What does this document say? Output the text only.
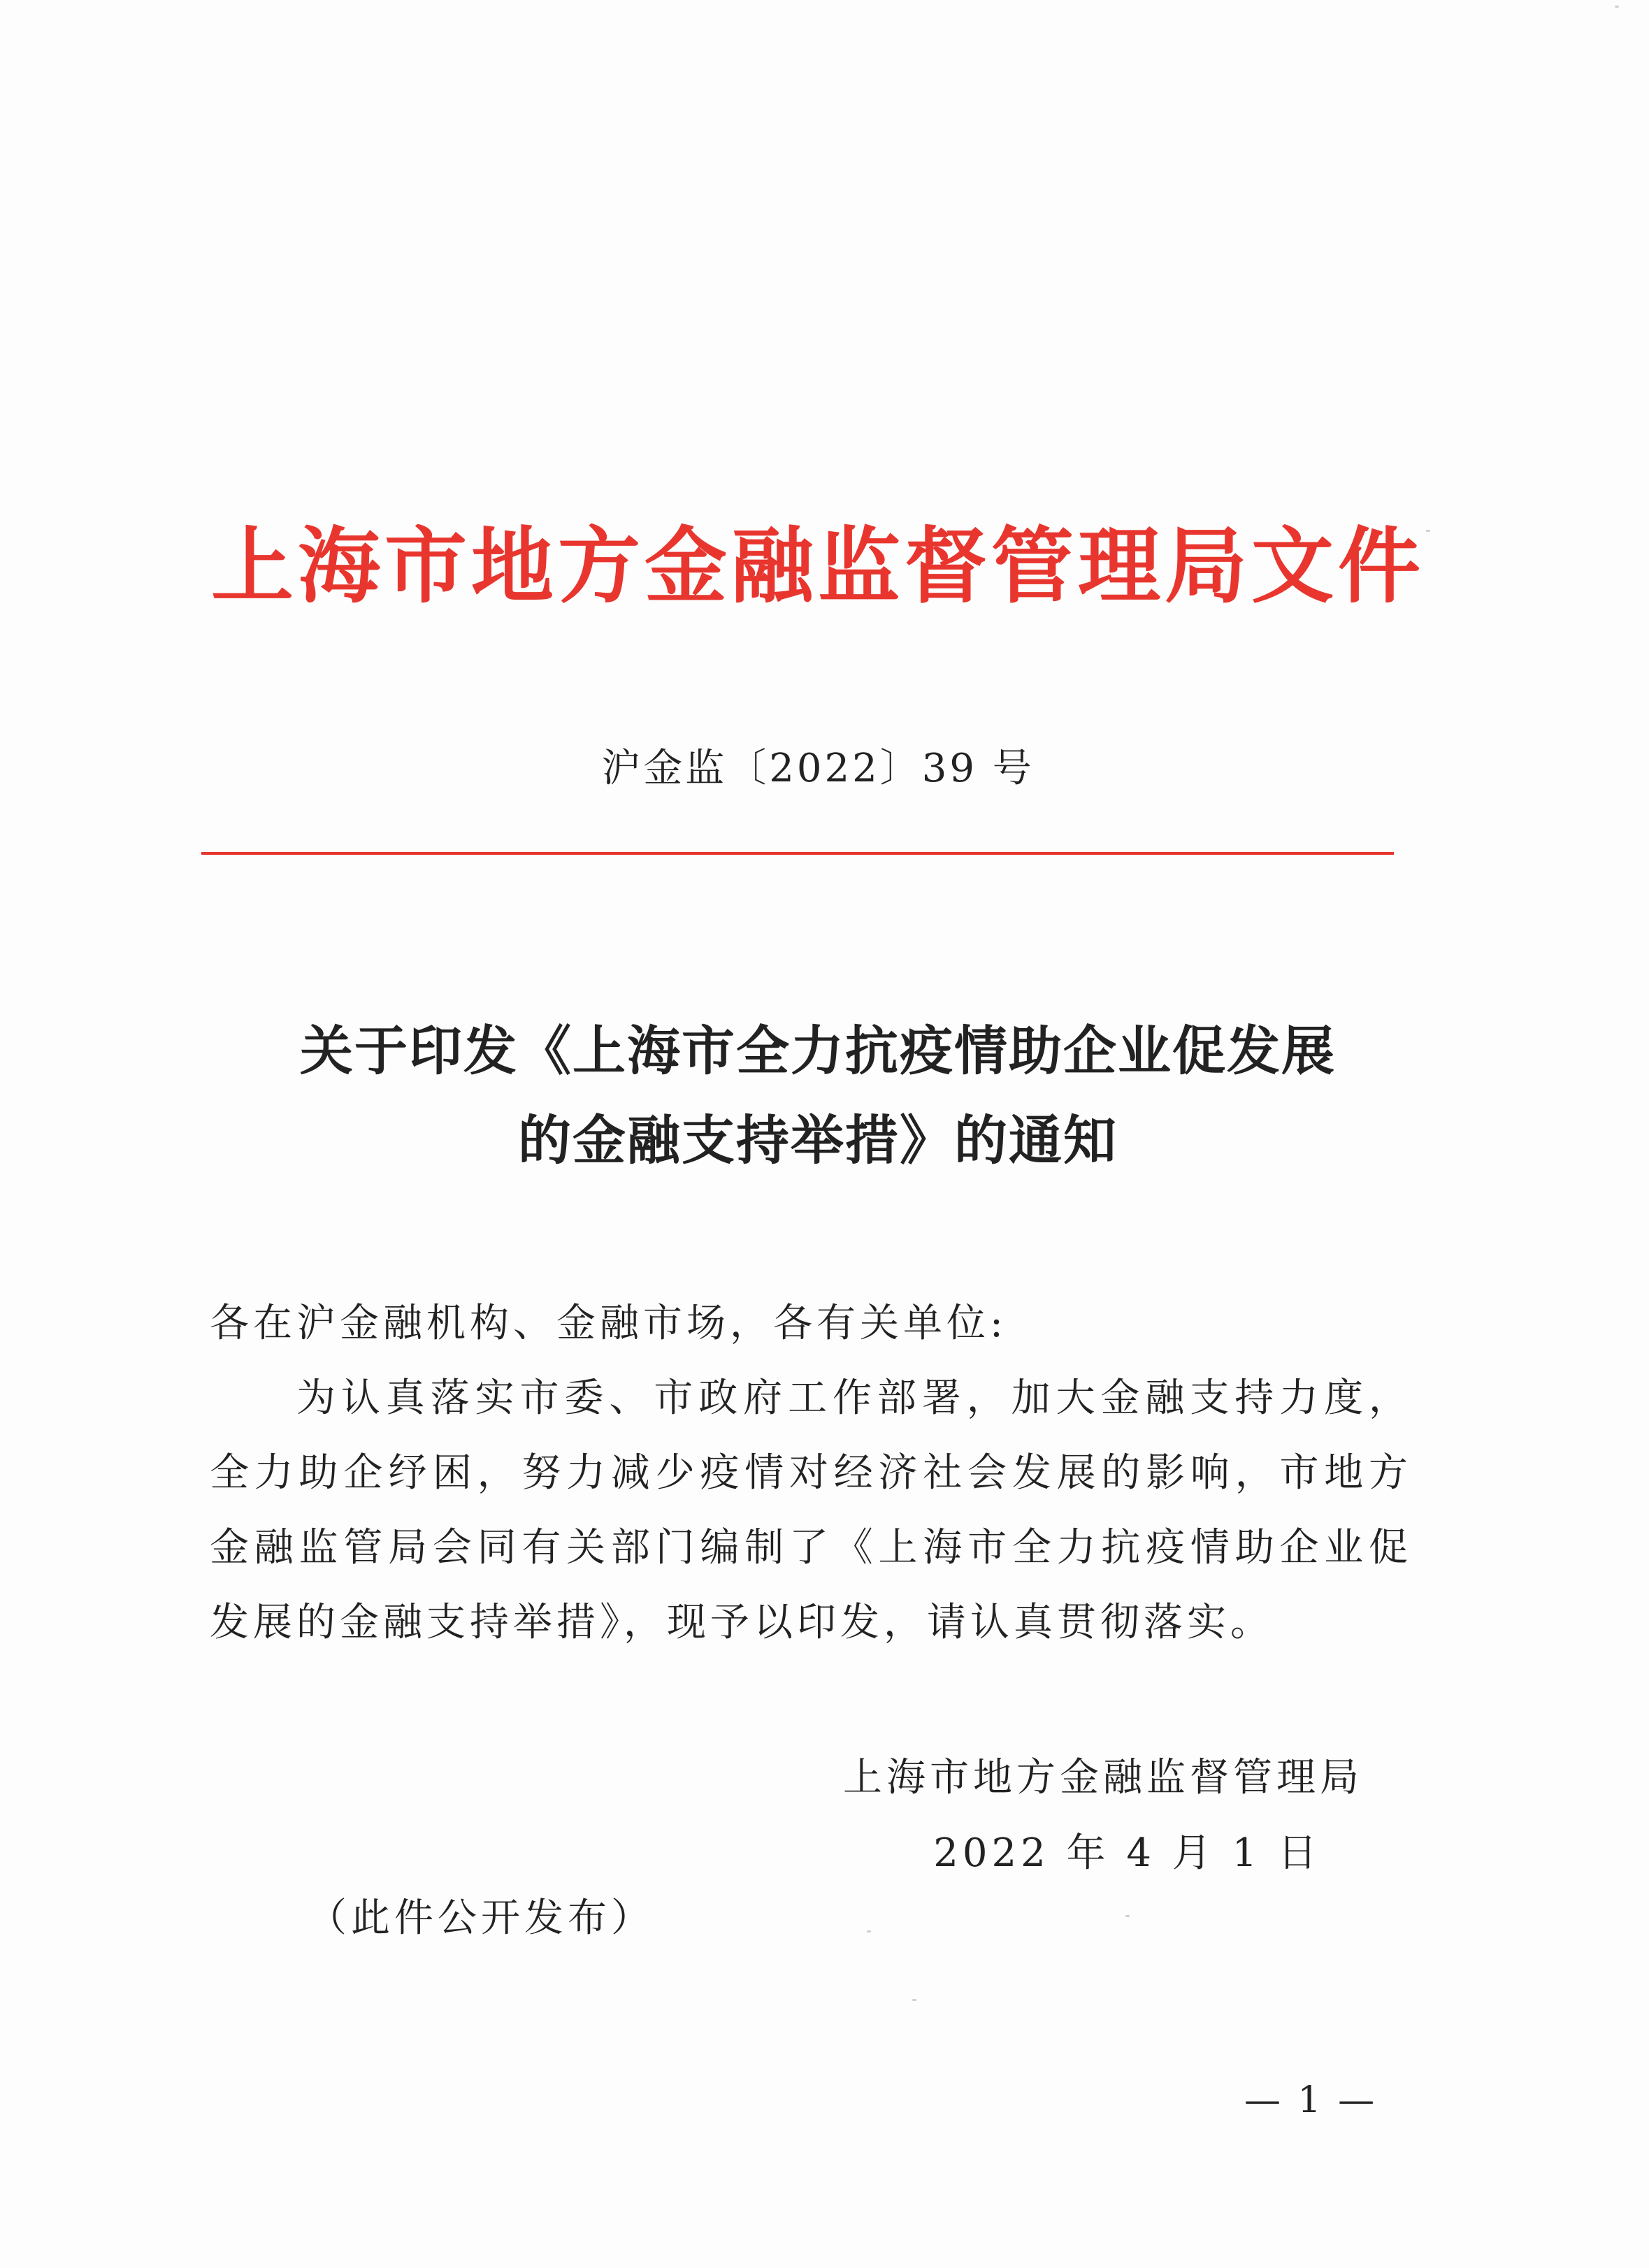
上海市地方金融监督管理局文件
沪金监〔2022〕39 号
关于印发《上海市全力抗疫情助企业促发展
的金融支持举措》的通知
各在沪金融机构、金融市场，各有关单位:
为认真落实市委、市政府工作部署，加大金融支持力度，全力助企纾困，努力减少疫情对经济社会发展的影响，市地方金融监管局会同有关部门编制了《上海市全力抗疫情助企业促发展的金融支持举措》，现予以印发，请认真贯彻落实。
上海市地方金融监督管理局
2022 年 4 月 1 日
（此件公开发布）
— 1 —
